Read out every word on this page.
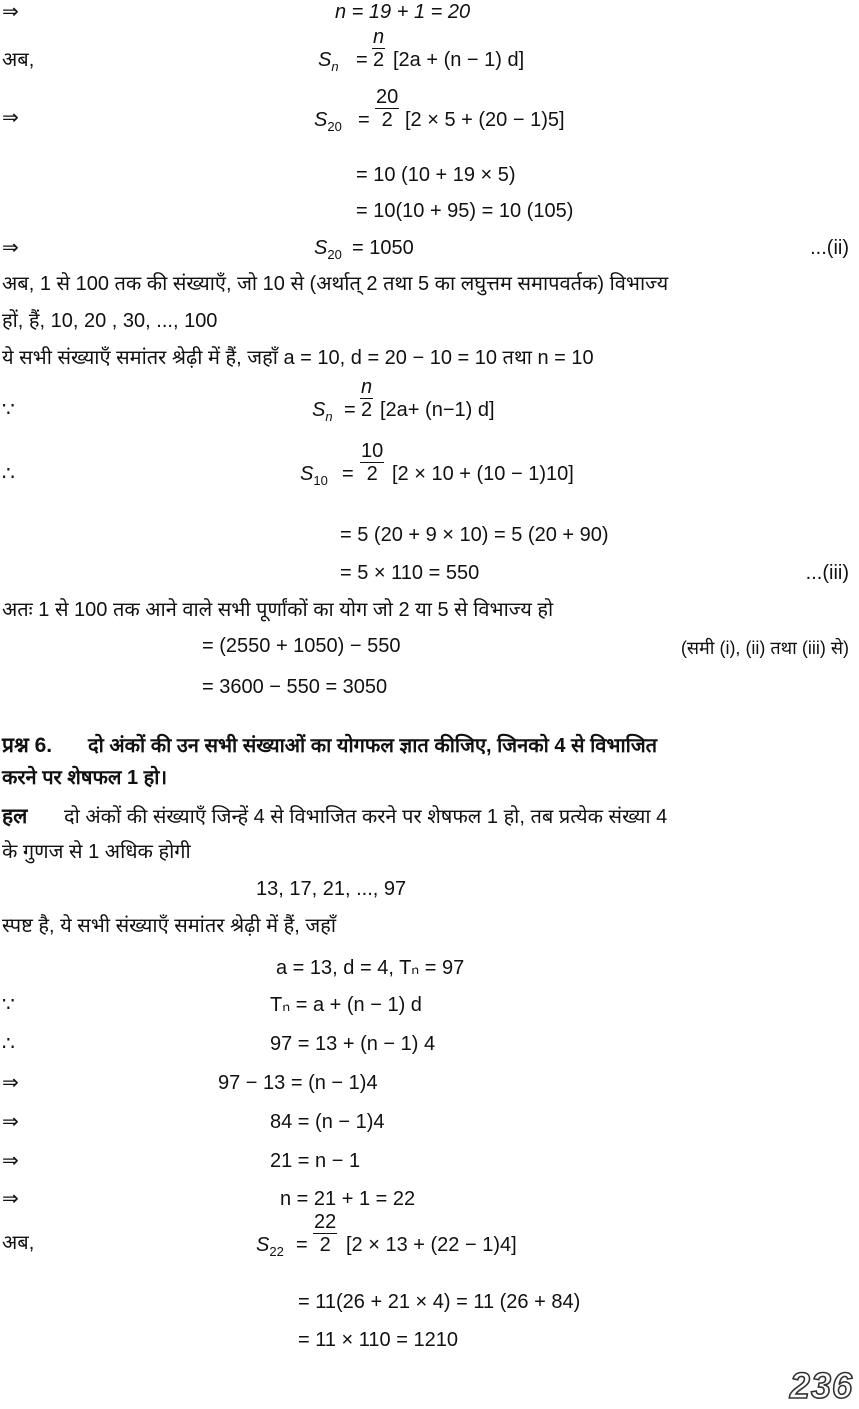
⇒	n = 19 + 1 = 20
अब,	$S_n = \frac{n}{2} [2a + (n - 1)$ d]
⇒	$S_{20} = \frac{20}{2} [2 \times 5 + (20 - 1)5]$
= 10 (10 + 19 × 5)
= 10(10 + 95) = 10 (105)
⇒	$S_{20} = 1050$	...(ii)
अब, 1 से 100 तक की संख्याएँ, जो 10 से (अर्थात् 2 तथा 5 का लघुत्तम समापवर्तक) विभाज्य
हों, हैं, 10, 20 , 30, ..., 100
ये सभी संख्याएँ समांतर श्रेढ़ी में हैं, जहाँ a = 10, d = 20 − 10 = 10 तथा n = 10
∵	$S_n = \frac{n}{2} [2a+ (n-1)$ d]
∴	$S_{10} = \frac{10}{2} [2 \times 10 + (10 - 1)10]$
= 5 (20 + 9 × 10) = 5 (20 + 90)
= 5 × 110 = 550	...(iii)
अतः 1 से 100 तक आने वाले सभी पूर्णांकों का योग जो 2 या 5 से विभाज्य हो
= (2550 + 1050) − 550	(समी (i), (ii) तथा (iii) से)
= 3600 − 550 = 3050
प्रश्न 6. दो अंकों की उन सभी संख्याओं का योगफल ज्ञात कीजिए, जिनको 4 से विभाजित
करने पर शेषफल 1 हो।
हल दो अंकों की संख्याएँ जिन्हें 4 से विभाजित करने पर शेषफल 1 हो, तब प्रत्येक संख्या 4
के गुणज से 1 अधिक होगी
13, 17, 21, ..., 97
स्पष्ट है, ये सभी संख्याएँ समांतर श्रेढ़ी में हैं, जहाँ
a = 13, d = 4, Tₙ = 97
∵	Tₙ = a + (n − 1) d
∴	97 = 13 + (n − 1) 4
⇒	97 − 13 = (n − 1)4
⇒	84 = (n − 1)4
⇒	21 = n − 1
⇒	n = 21 + 1 = 22
अब,	$S_{22} = \frac{22}{2} [2 \times 13 + (22 - 1)4]$
= 11(26 + 21 × 4) = 11 (26 + 84)
= 11 × 110 = 1210
236
